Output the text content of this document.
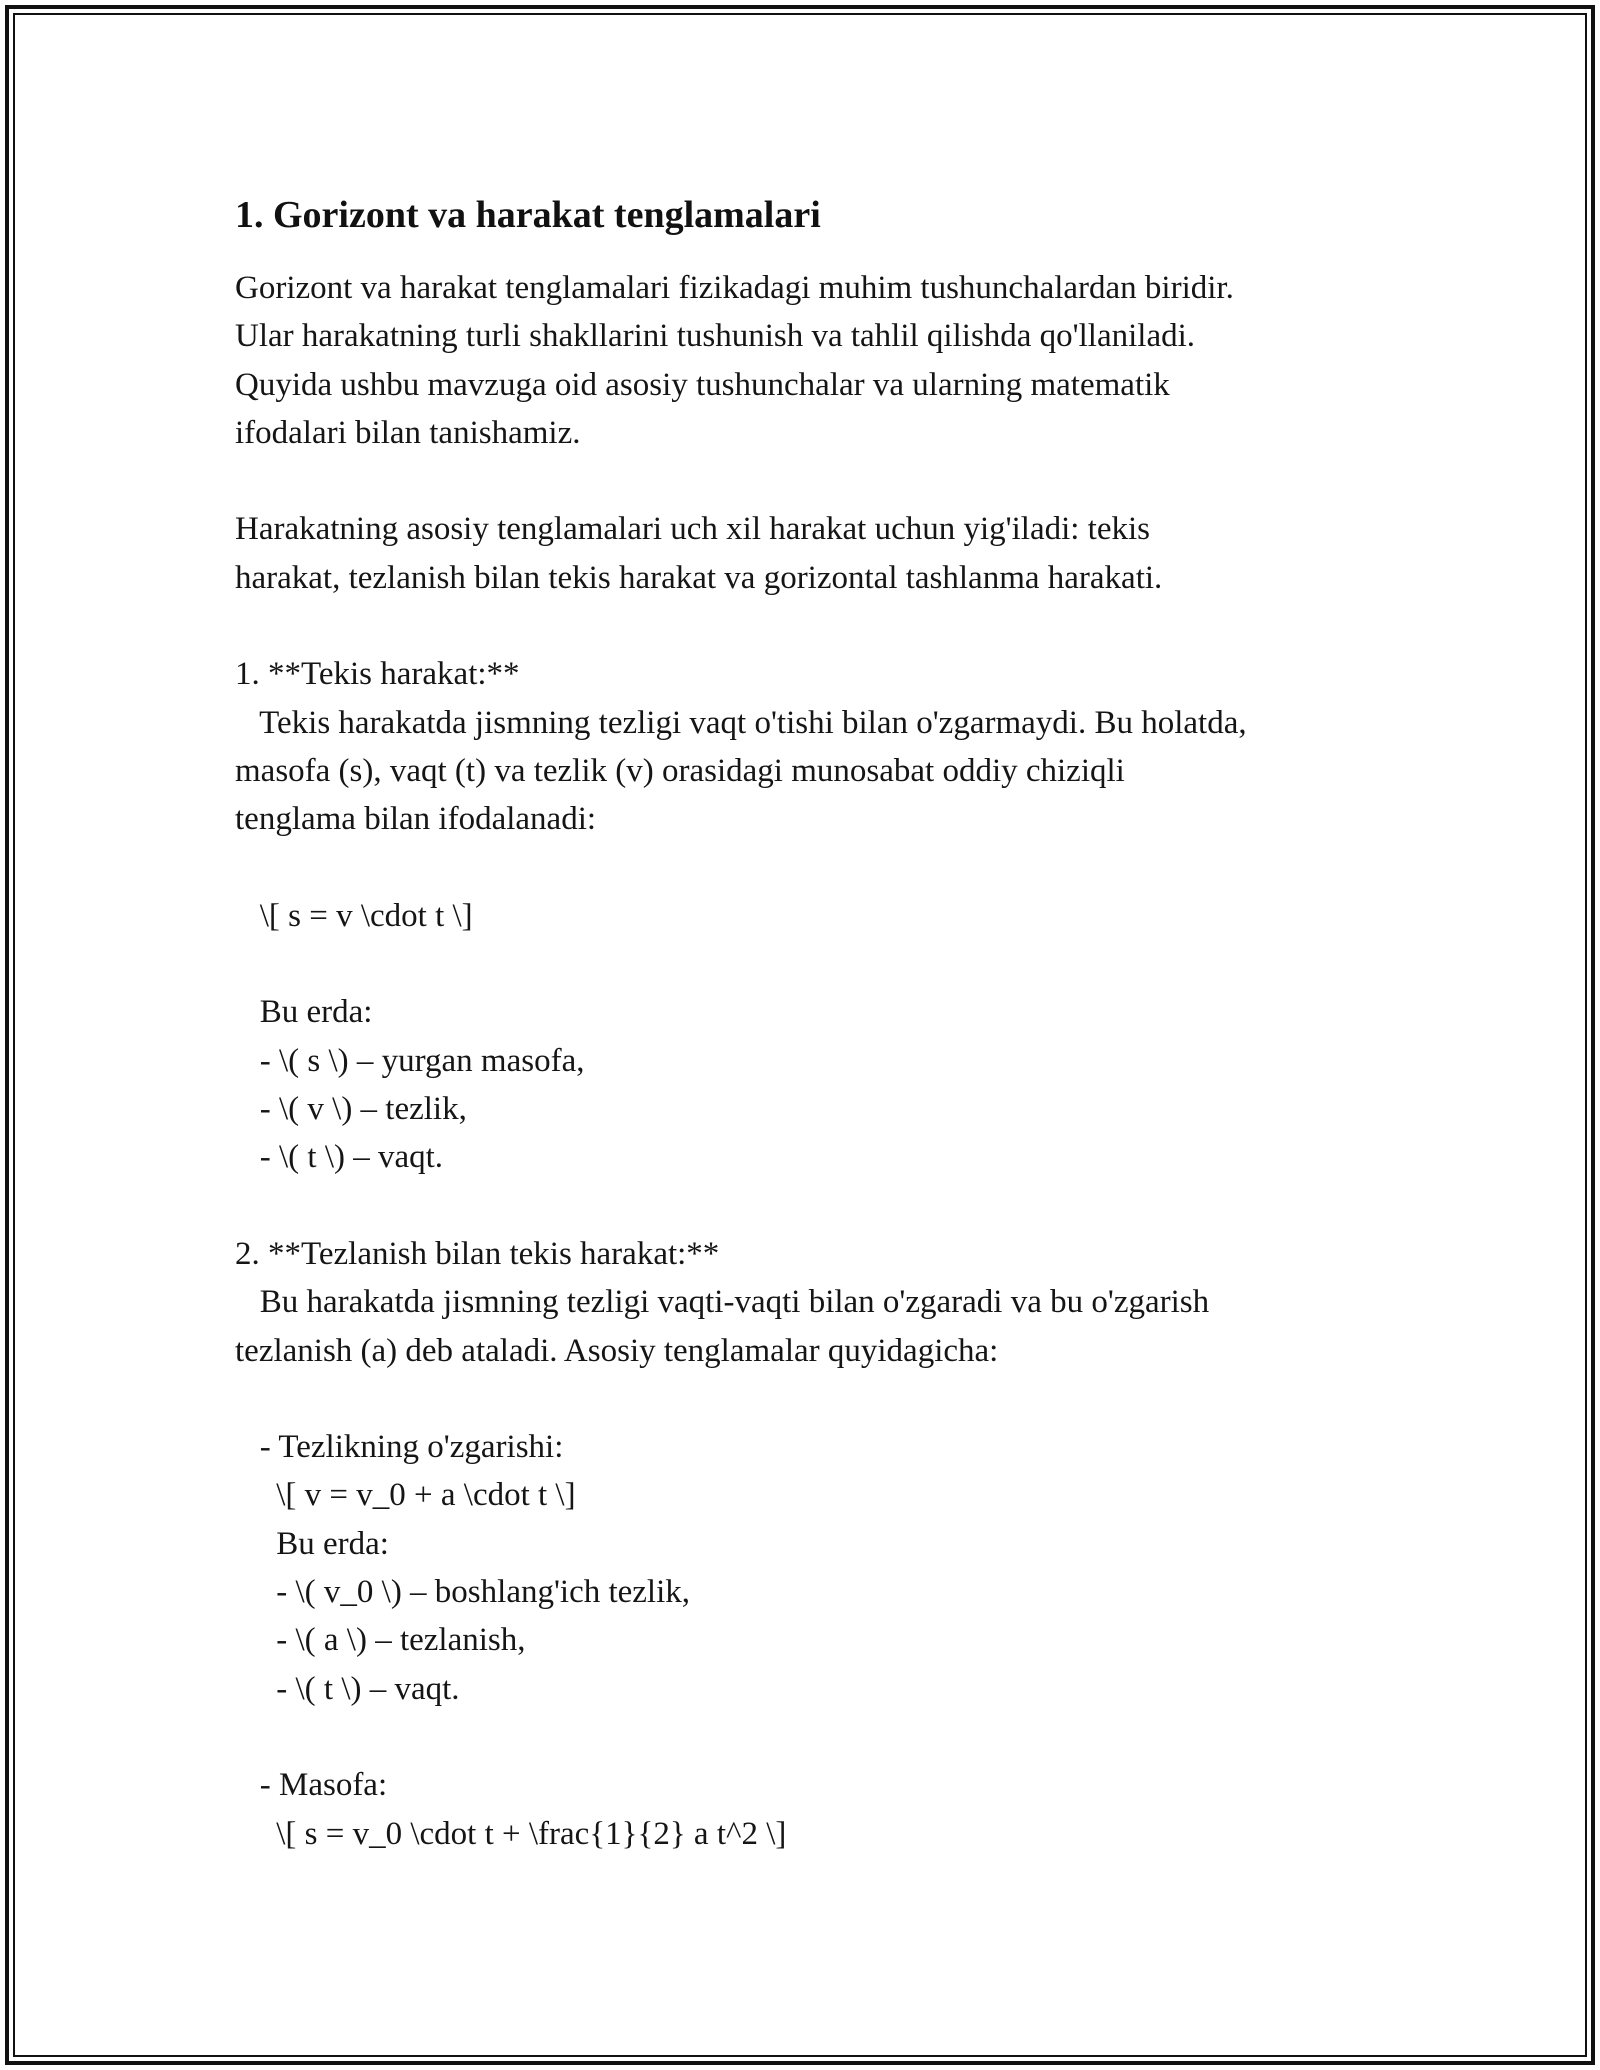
1. Gorizont va harakat tenglamalari
Gorizont va harakat tenglamalari fizikadagi muhim tushunchalardan biridir.
Ular harakatning turli shakllarini tushunish va tahlil qilishda qo'llaniladi.
Quyida ushbu mavzuga oid asosiy tushunchalar va ularning matematik
ifodalari bilan tanishamiz.

Harakatning asosiy tenglamalari uch xil harakat uchun yig'iladi: tekis
harakat, tezlanish bilan tekis harakat va gorizontal tashlanma harakati.

1. **Tekis harakat:**
Tekis harakatda jismning tezligi vaqt o'tishi bilan o'zgarmaydi. Bu holatda,
masofa (s), vaqt (t) va tezlik (v) orasidagi munosabat oddiy chiziqli
tenglama bilan ifodalanadi:

\[ s = v \cdot t \]

Bu erda:
- \( s \) – yurgan masofa,
- \( v \) – tezlik,
- \( t \) – vaqt.

2. **Tezlanish bilan tekis harakat:**
Bu harakatda jismning tezligi vaqti-vaqti bilan o'zgaradi va bu o'zgarish
tezlanish (a) deb ataladi. Asosiy tenglamalar quyidagicha:

- Tezlikning o'zgarishi:
\[ v = v_0 + a \cdot t \]
Bu erda:
- \( v_0 \) – boshlang'ich tezlik,
- \( a \) – tezlanish,
- \( t \) – vaqt.

- Masofa:
\[ s = v_0 \cdot t + \frac{1}{2} a t^2 \]
